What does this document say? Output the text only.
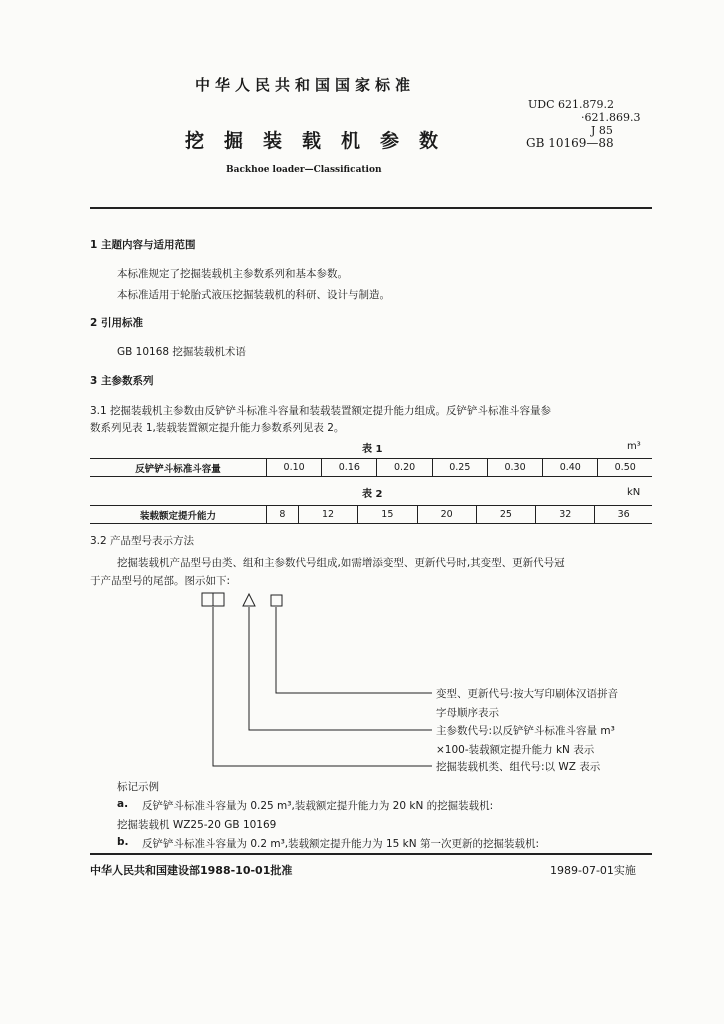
中华人民共和国国家标准
UDC 621.879.2
·621.869.3
J 85
挖掘装载机参数	GB 10169—88
Backhoe loader—Classification
1 主题内容与适用范围
本标准规定了挖掘装载机主参数系列和基本参数。
本标准适用于轮胎式液压挖掘装载机的科研、设计与制造。
2 引用标准
GB 10168 挖掘装载机术语
3 主参数系列
3.1 挖掘装载机主参数由反铲铲斗标准斗容量和装载装置额定提升能力组成。反铲铲斗标准斗容量参
数系列见表 1,装载装置额定提升能力参数系列见表 2。
表 1	m³
反铲铲斗标准斗容量	0.10	0.16	0.20	0.25	0.30	0.40	0.50
表 2	kN
装载额定提升能力	8	12	15	20	25	32	36
3.2 产品型号表示方法
挖掘装载机产品型号由类、组和主参数代号组成,如需增添变型、更新代号时,其变型、更新代号冠
于产品型号的尾部。图示如下:
变型、更新代号:按大写印刷体汉语拼音
字母顺序表示
主参数代号:以反铲铲斗标准斗容量 m³
×100-装载额定提升能力 kN 表示
挖掘装载机类、组代号:以 WZ 表示
标记示例
a. 反铲铲斗标准斗容量为 0.25 m³,装载额定提升能力为 20 kN 的挖掘装载机:
挖掘装载机 WZ25-20 GB 10169
b. 反铲铲斗标准斗容量为 0.2 m³,装载额定提升能力为 15 kN 第一次更新的挖掘装载机:
中华人民共和国建设部1988-10-01批准	1989-07-01实施
